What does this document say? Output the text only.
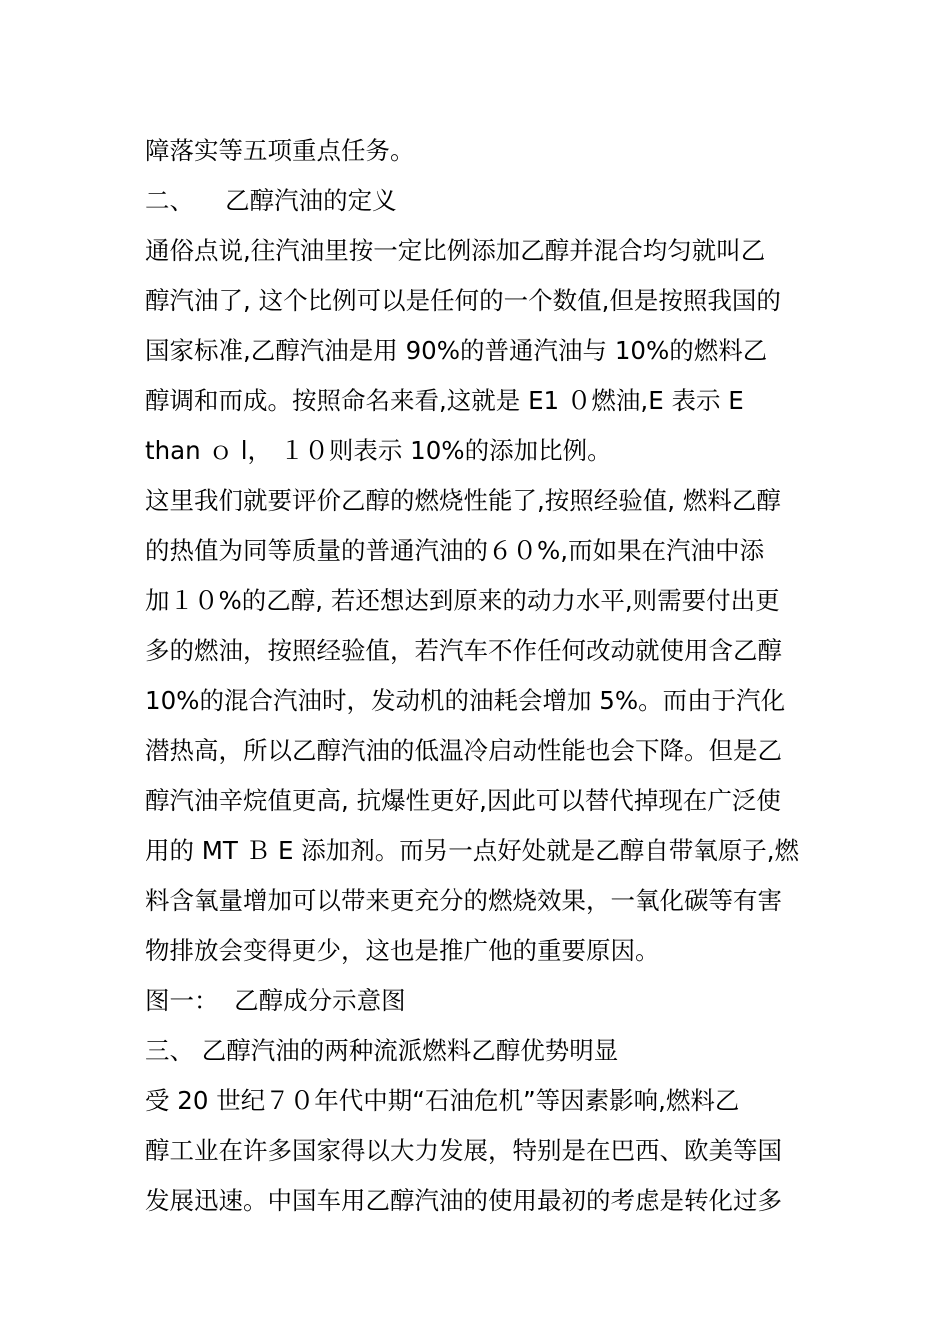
障落实等五项重点任务。
二、    乙醇汽油的定义
通俗点说,往汽油里按一定比例添加乙醇并混合均匀就叫乙
醇汽油了, 这个比例可以是任何的一个数值,但是按照我国的
国家标准,乙醇汽油是用 90%的普通汽油与 10%的燃料乙
醇调和而成。按照命名来看,这就是 E1 ０燃油,E 表示 E
than ｏ l， １０则表示 10%的添加比例。
这里我们就要评价乙醇的燃烧性能了,按照经验值, 燃料乙醇
的热值为同等质量的普通汽油的６０%,而如果在汽油中添
加１０%的乙醇, 若还想达到原来的动力水平,则需要付出更
多的燃油，按照经验值，若汽车不作任何改动就使用含乙醇
10%的混合汽油时，发动机的油耗会增加 5%。而由于汽化
潜热高，所以乙醇汽油的低温冷启动性能也会下降。但是乙
醇汽油辛烷值更高, 抗爆性更好,因此可以替代掉现在广泛使
用的 MT Ｂ E 添加剂。而另一点好处就是乙醇自带氧原子,燃
料含氧量增加可以带来更充分的燃烧效果，一氧化碳等有害
物排放会变得更少，这也是推广他的重要原因。
图一：  乙醇成分示意图
三、 乙醇汽油的两种流派燃料乙醇优势明显
受 20 世纪７０年代中期“石油危机”等因素影响,燃料乙
醇工业在许多国家得以大力发展，特别是在巴西、欧美等国
发展迅速。中国车用乙醇汽油的使用最初的考虑是转化过多
